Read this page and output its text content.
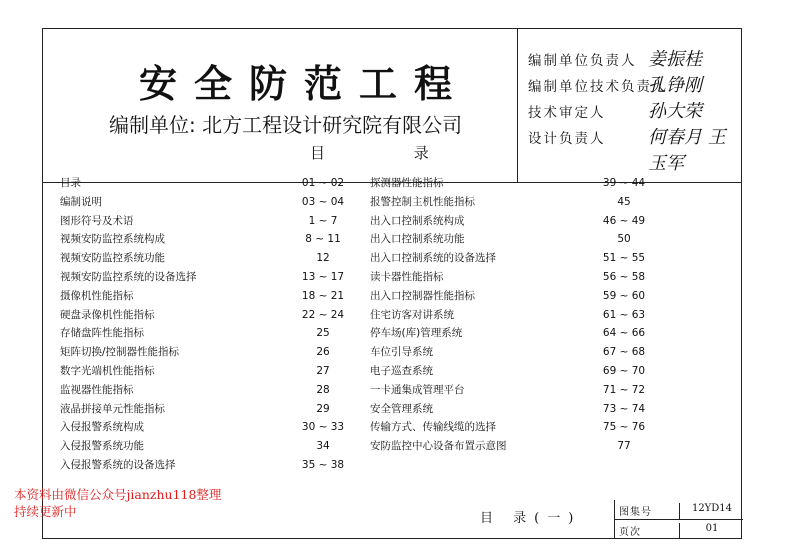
安全防范工程
编制单位: 北方工程设计研究院有限公司
编制单位负责人 姜振桂
编制单位技术负责人
孔铮刚
技术审定人 孙大荣
设计负责人 何春月 王玉军
目 录
目录	01 ~ 02
编制说明	03 ~ 04
图形符号及术语	1 ~ 7
视频安防监控系统构成	8 ~ 11
视频安防监控系统功能	12
视频安防监控系统的设备选择	13 ~ 17
摄像机性能指标	18 ~ 21
硬盘录像机性能指标	22 ~ 24
存储盘阵性能指标	25
矩阵切换/控制器性能指标	26
数字光端机性能指标	27
监视器性能指标	28
液晶拼接单元性能指标	29
入侵报警系统构成	30 ~ 33
入侵报警系统功能	34
入侵报警系统的设备选择	35 ~ 38
探测器性能指标	39 ~ 44
报警控制主机性能指标	45
出入口控制系统构成	46 ~ 49
出入口控制系统功能	50
出入口控制系统的设备选择	51 ~ 55
读卡器性能指标	56 ~ 58
出入口控制器性能指标	59 ~ 60
住宅访客对讲系统	61 ~ 63
停车场(库)管理系统	64 ~ 66
车位引导系统	67 ~ 68
电子巡查系统	69 ~ 70
一卡通集成管理平台	71 ~ 72
安全管理系统	73 ~ 74
传输方式、传输线缆的选择	75 ~ 76
安防监控中心设备布置示意图	77
目 录(一)	图集号	12YD14
页次	01
本资料由微信公众号jianzhu118整理
持续更新中
